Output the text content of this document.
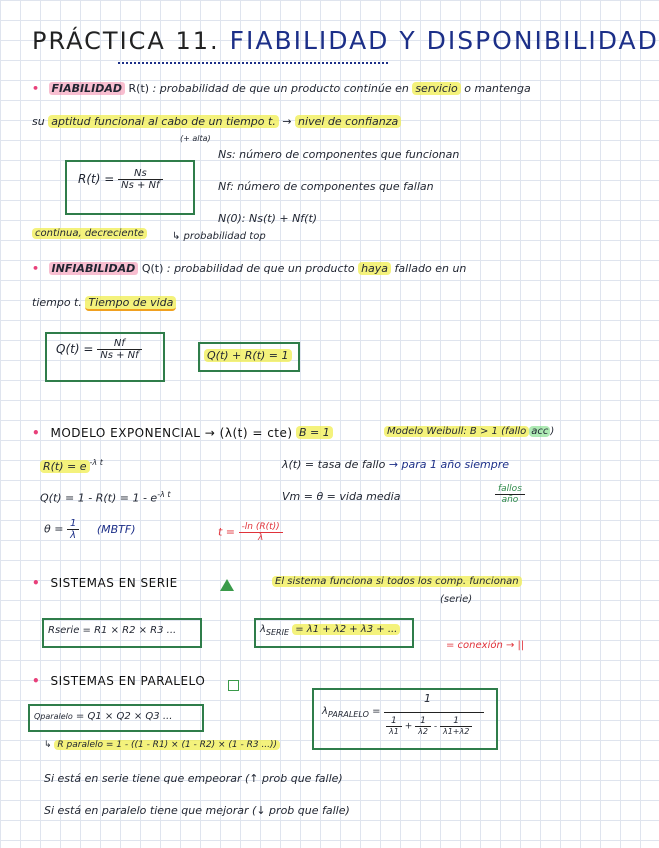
PRÁCTICA 11. FIABILIDAD Y DISPONIBILIDAD
• FIABILIDAD R(t) : probabilidad de que un producto continúe en servicio o mantenga
su aptitud funcional al cabo de un tiempo t. → nivel de confianza
(+ alta)
$R(t) = \frac{Ns}{Ns + Nf}$
Ns: número de componentes que funcionan
Nf: número de componentes que fallan
N(0): Ns(t) + Nf(t)
continua, decreciente	↳ probabilidad top
• INFIABILIDAD Q(t) : probabilidad de que un producto haya fallado en un
tiempo t. Tiempo de vida
$Q(t) = \frac{Nf}{Ns + Nf}$	Q(t) + R(t) = 1
• MODELO EXPONENCIAL → (λ(t) = cte) B = 1	Modelo Weibull: B > 1 (fallo acc )
R(t) = e $^{-\lambda t}$
$Q(t) = 1 - R(t) = 1 - e^{-\lambda t}$
$\theta = \frac{1}{\lambda}$ (MBTF)
λ(t) = tasa de fallo → para 1 año siempre
Vm = θ = vida media	$\frac{\text{fallos}}{\text{año}}$
$t = \frac{-\ln (R(t))}{\lambda}$
• SISTEMAS EN SERIE	El sistema funciona si todos los comp. funcionan
(serie)
Rserie = R1 × R2 × R3 ...	$\lambda_{SERIE} = \lambda 1 + \lambda 2 + \lambda 3$ + ...
= conexión → ||
• SISTEMAS EN PARALELO
Qparalelo = Q1 × Q2 × Q3 ...
↳ R paralelo = 1 - ((1 - R1) × (1 - R2) × (1 - R3 ...))
$\lambda_{PARALELO}$ =
1
$\frac{1}{\lambda 1} + \frac{1}{\lambda 2} - \frac{1}{\lambda 1+\lambda 2}$
Si está en serie tiene que empeorar (↑ prob que falle)
Si está en paralelo tiene que mejorar (↓ prob que falle)
